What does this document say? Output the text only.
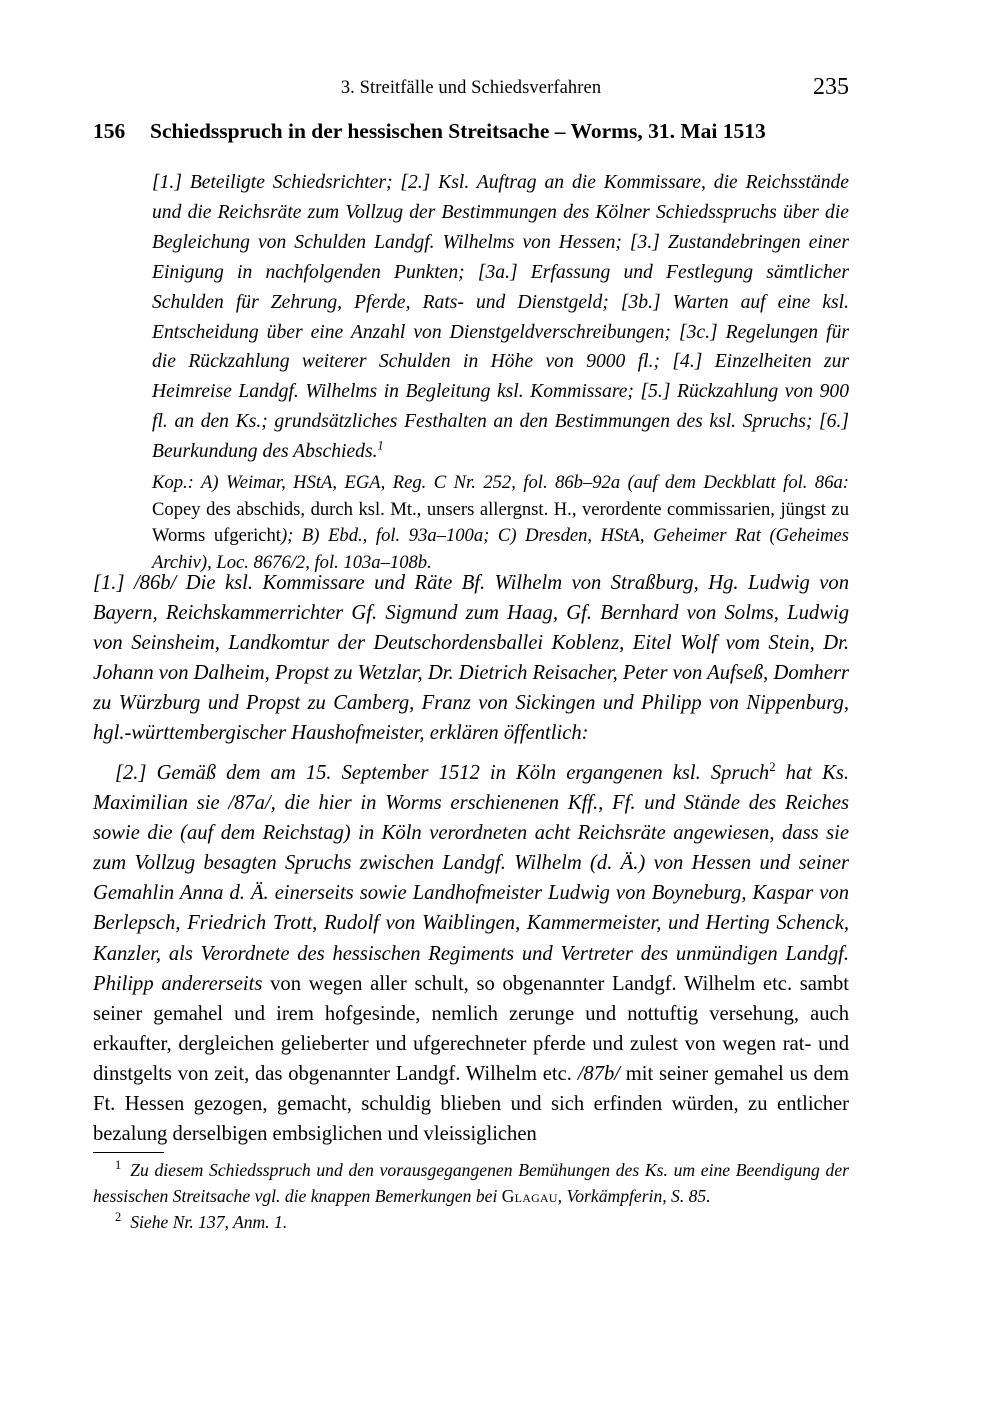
3. Streitfälle und Schiedsverfahren	235
156 Schiedsspruch in der hessischen Streitsache – Worms, 31. Mai 1513
[1.] Beteiligte Schiedsrichter; [2.] Ksl. Auftrag an die Kommissare, die Reichsstände und die Reichsräte zum Vollzug der Bestimmungen des Kölner Schiedsspruchs über die Begleichung von Schulden Landgf. Wilhelms von Hessen; [3.] Zustandebringen einer Einigung in nachfolgenden Punkten; [3a.] Erfassung und Festlegung sämtlicher Schulden für Zehrung, Pferde, Rats- und Dienstgeld; [3b.] Warten auf eine ksl. Entscheidung über eine Anzahl von Dienstgeldverschreibungen; [3c.] Regelungen für die Rückzahlung weiterer Schulden in Höhe von 9000 fl.; [4.] Einzelheiten zur Heimreise Landgf. Wilhelms in Begleitung ksl. Kommissare; [5.] Rückzahlung von 900 fl. an den Ks.; grundsätzliches Festhalten an den Bestimmungen des ksl. Spruchs; [6.] Beurkundung des Abschieds.$^1$
Kop.: A) Weimar, HStA, EGA, Reg. C Nr. 252, fol. 86b–92a (auf dem Deckblatt fol. 86a: Copey des abschids, durch ksl. Mt., unsers allergnst. H., verordente commissarien, jüngst zu Worms ufgericht); B) Ebd., fol. 93a–100a; C) Dresden, HStA, Geheimer Rat (Geheimes Archiv), Loc. 8676/2, fol. 103a–108b.
[1.] /86b/ Die ksl. Kommissare und Räte Bf. Wilhelm von Straßburg, Hg. Ludwig von Bayern, Reichskammerrichter Gf. Sigmund zum Haag, Gf. Bernhard von Solms, Ludwig von Seinsheim, Landkomtur der Deutschordensballei Koblenz, Eitel Wolf vom Stein, Dr. Johann von Dalheim, Propst zu Wetzlar, Dr. Dietrich Reisacher, Peter von Aufseß, Domherr zu Würzburg und Propst zu Camberg, Franz von Sickingen und Philipp von Nippenburg, hgl.-württembergischer Haushofmeister, erklären öffentlich:
[2.] Gemäß dem am 15. September 1512 in Köln ergangenen ksl. Spruch$^2$ hat Ks. Maximilian sie /87a/, die hier in Worms erschienenen Kff., Ff. und Stände des Reiches sowie die (auf dem Reichstag) in Köln verordneten acht Reichsräte angewiesen, dass sie zum Vollzug besagten Spruchs zwischen Landgf. Wilhelm (d. Ä.) von Hessen und seiner Gemahlin Anna d. Ä. einerseits sowie Landhofmeister Ludwig von Boyneburg, Kaspar von Berlepsch, Friedrich Trott, Rudolf von Waiblingen, Kammermeister, und Herting Schenck, Kanzler, als Verordnete des hessischen Regiments und Vertreter des unmündigen Landgf. Philipp andererseits von wegen aller schult, so obgenannter Landgf. Wilhelm etc. sambt seiner gemahel und irem hofgesinde, nemlich zerunge und nottuftig versehung, auch erkaufter, dergleichen gelieberter und ufgerechneter pferde und zulest von wegen rat- und dinstgelts von zeit, das obgenannter Landgf. Wilhelm etc. /87b/ mit seiner gemahel us dem Ft. Hessen gezogen, gemacht, schuldig blieben und sich erfinden würden, zu entlicher bezalung derselbigen embsiglichen und vleissiglichen

$^1$ Zu diesem Schiedsspruch und den vorausgegangenen Bemühungen des Ks. um eine Beendigung der hessischen Streitsache vgl. die knappen Bemerkungen bei Glagau, Vorkämpferin, S. 85.

$^2$ Siehe Nr. 137, Anm. 1.
